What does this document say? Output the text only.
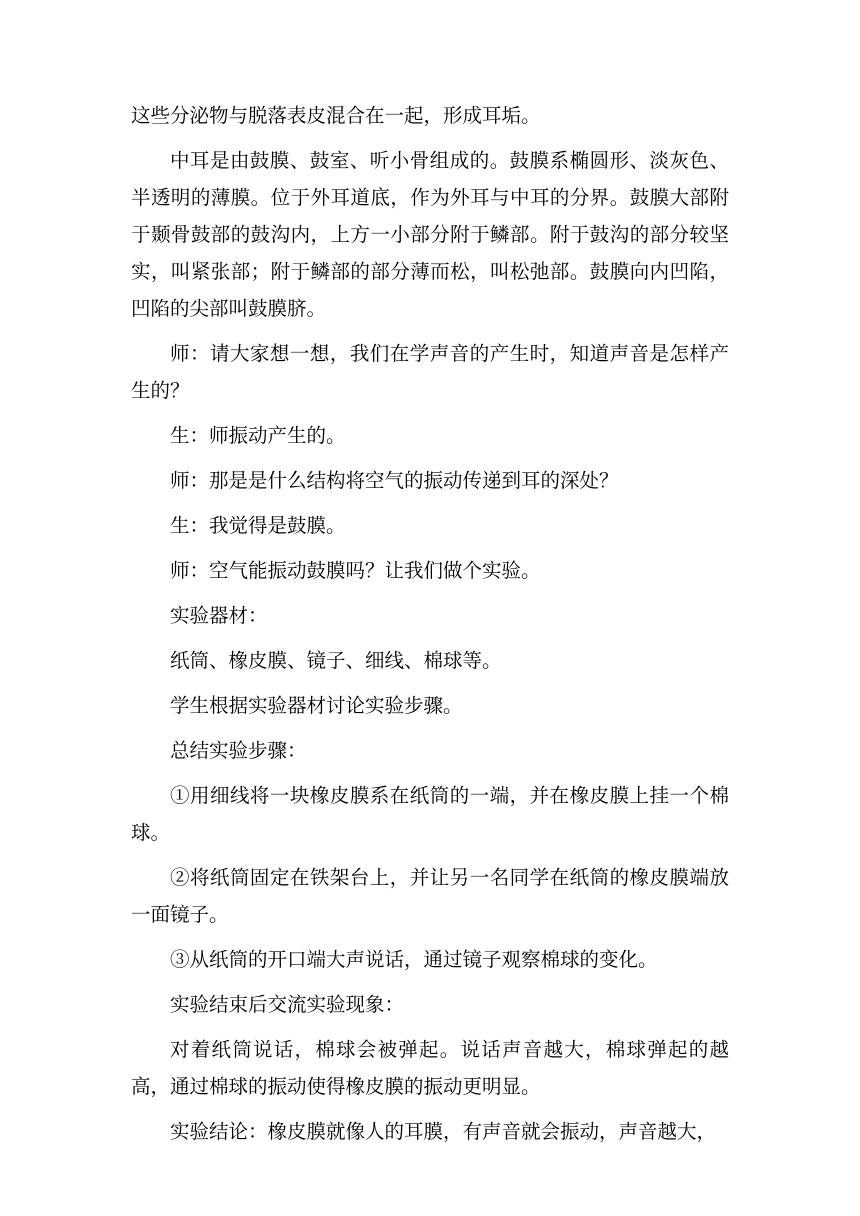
这些分泌物与脱落表皮混合在一起，形成耳垢。

中耳是由鼓膜、鼓室、听小骨组成的。鼓膜系椭圆形、淡灰色、半透明的薄膜。位于外耳道底，作为外耳与中耳的分界。鼓膜大部附于颞骨鼓部的鼓沟内，上方一小部分附于鳞部。附于鼓沟的部分较坚实，叫紧张部；附于鳞部的部分薄而松，叫松弛部。鼓膜向内凹陷，凹陷的尖部叫鼓膜脐。

师：请大家想一想，我们在学声音的产生时，知道声音是怎样产生的？

生：师振动产生的。

师：那是是什么结构将空气的振动传递到耳的深处？

生：我觉得是鼓膜。

师：空气能振动鼓膜吗？让我们做个实验。

实验器材：

纸筒、橡皮膜、镜子、细线、棉球等。

学生根据实验器材讨论实验步骤。

总结实验步骤：

①用细线将一块橡皮膜系在纸筒的一端，并在橡皮膜上挂一个棉球。

②将纸筒固定在铁架台上，并让另一名同学在纸筒的橡皮膜端放一面镜子。

③从纸筒的开口端大声说话，通过镜子观察棉球的变化。

实验结束后交流实验现象：

对着纸筒说话，棉球会被弹起。说话声音越大，棉球弹起的越高，通过棉球的振动使得橡皮膜的振动更明显。

实验结论：橡皮膜就像人的耳膜，有声音就会振动，声音越大，
